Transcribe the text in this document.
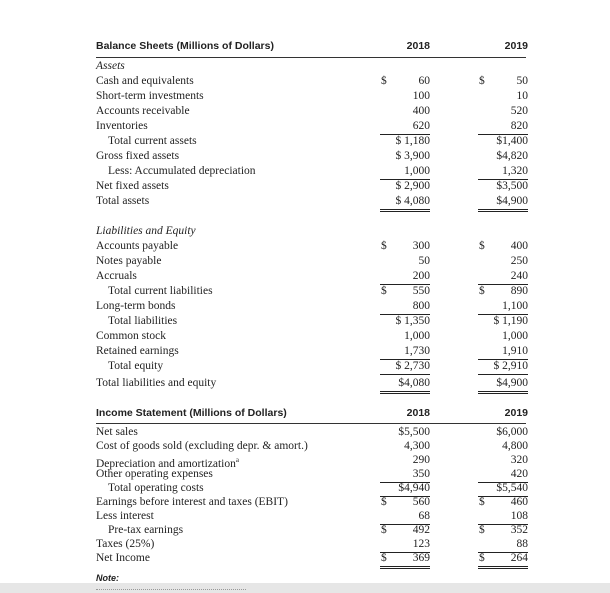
Balance Sheets (Millions of Dollars)	2018	2019
Assets
Cash and equivalents	$	60	$	50
Short-term investments	100	10
Accounts receivable	400	520
Inventories	620	820
Total current assets	$ 1,180	$1,400
Gross fixed assets	$ 3,900	$4,820
Less: Accumulated depreciation	1,000	1,320
Net fixed assets	$ 2,900	$3,500
Total assets	$ 4,080	$4,900
Liabilities and Equity
Accounts payable	$ 300	$ 400
Notes payable	50	250
Accruals	200	240
Total current liabilities	$ 550	$ 890
Long-term bonds	800	1,100
Total liabilities	$ 1,350	$ 1,190
Common stock	1,000	1,000
Retained earnings	1,730	1,910
Total equity	$ 2,730	$ 2,910
Total liabilities and equity	$4,080	$4,900
Income Statement (Millions of Dollars)	2018	2019
Net sales	$5,500	$6,000
Cost of goods sold (excluding depr. & amort.)	4,300	4,800
Depreciation and amortization$^a$	290	320
Other operating expenses	350	420
Total operating costs	$4,940	$5,540
Earnings before interest and taxes (EBIT)	$ 560	$ 460
Less interest	68	108
Pre-tax earnings	$ 492	$ 352
Taxes (25%)	123	88
Net Income	$ 369	$ 264
Note:
